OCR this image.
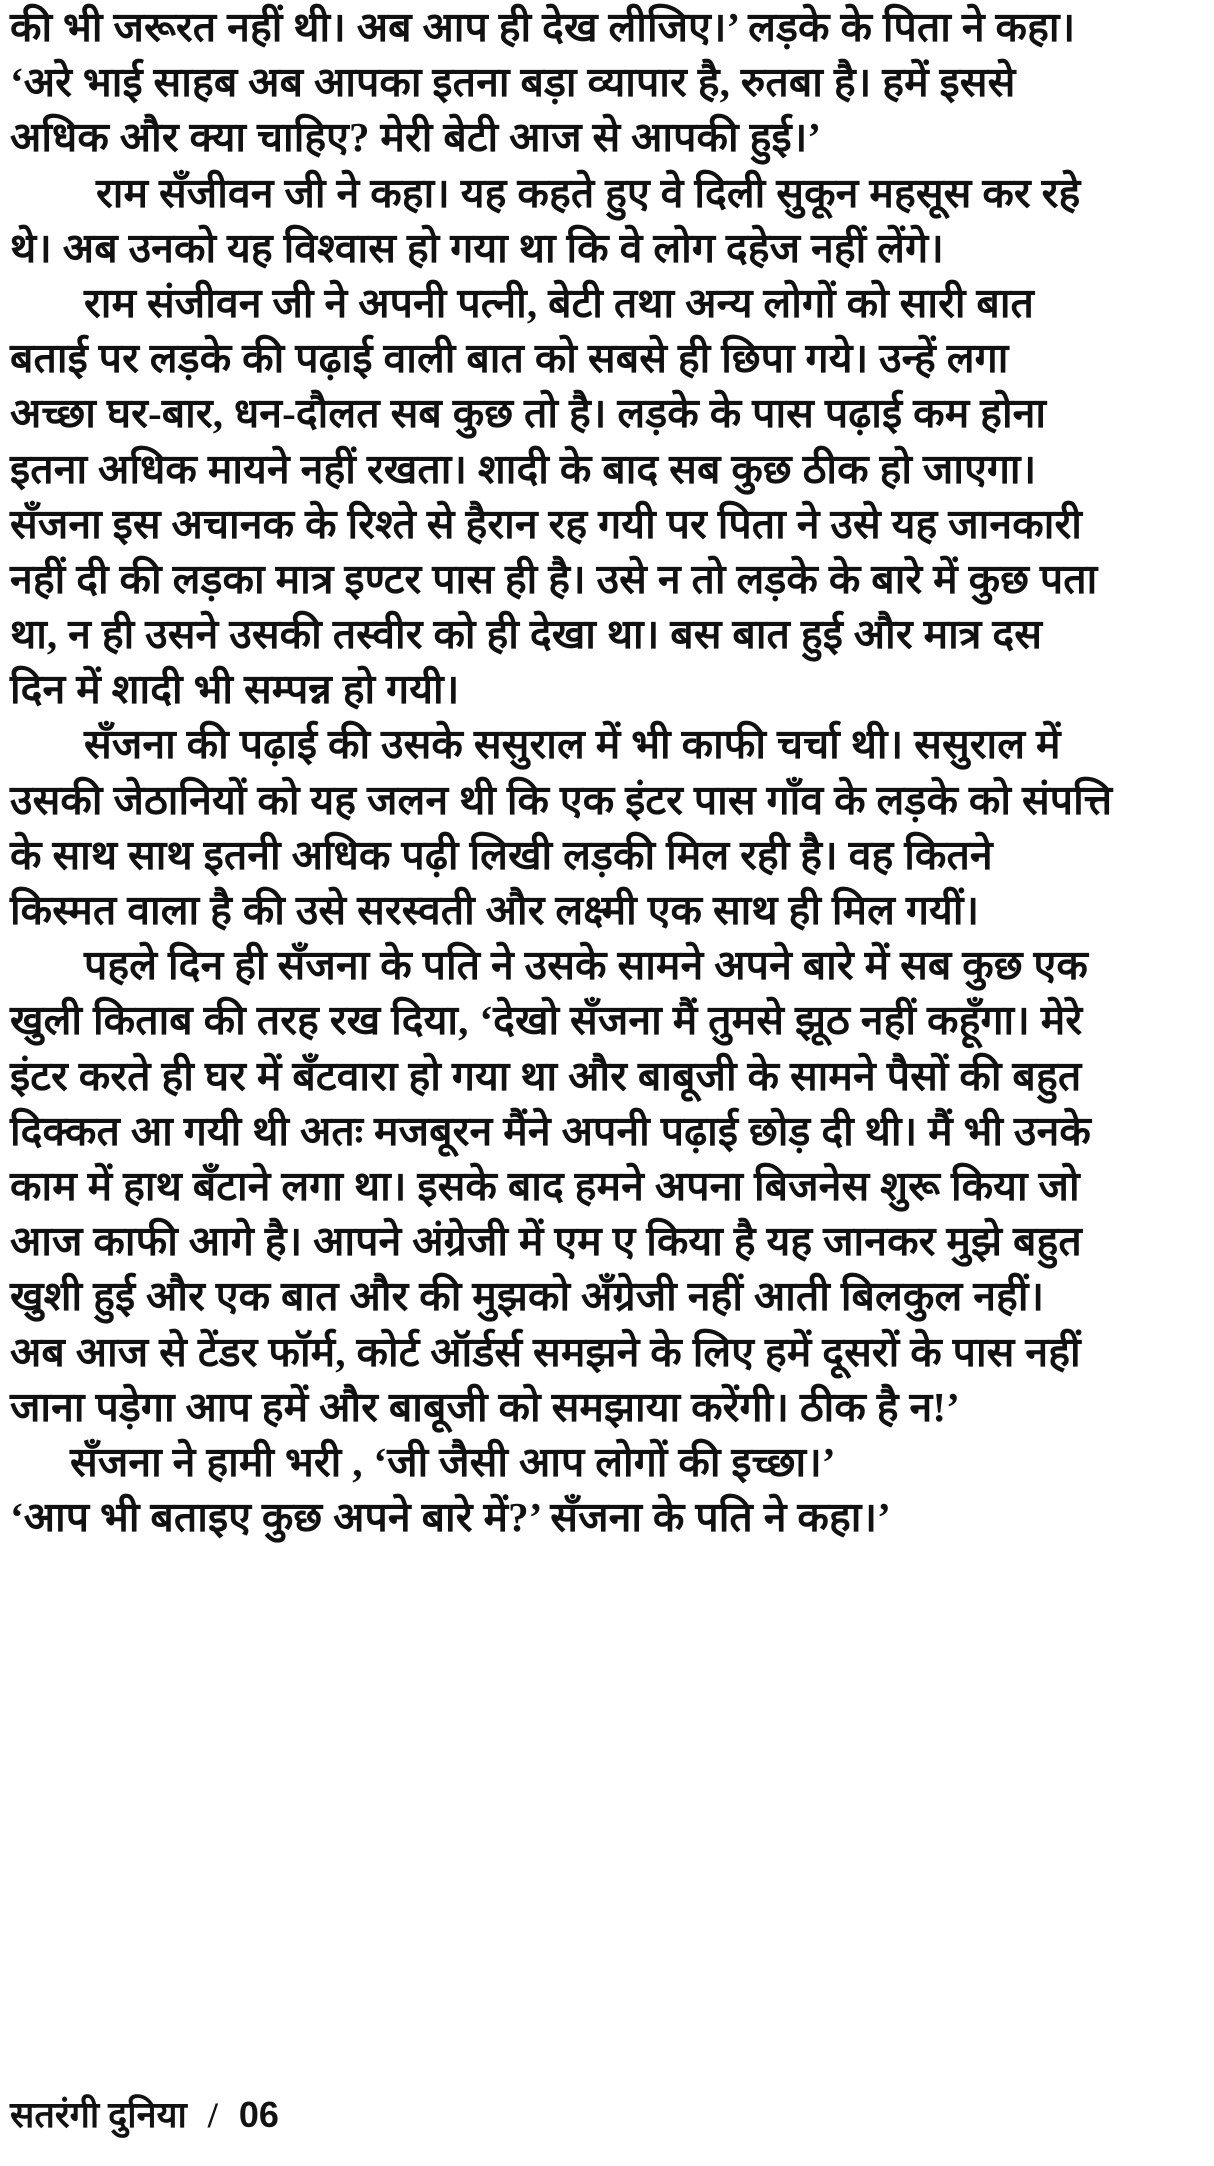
की भी जरूरत नहीं थी। अब आप ही देख लीजिए।’ लड़के के पिता ने कहा।
‘अरे भाई साहब अब आपका इतना बड़ा व्यापार है, रुतबा है। हमें इससे
अधिक और क्या चाहिए? मेरी बेटी आज से आपकी हुई।’
राम सँजीवन जी ने कहा। यह कहते हुए वे दिली सुकून महसूस कर रहे
थे। अब उनको यह विश्वास हो गया था कि वे लोग दहेज नहीं लेंगे।
राम संजीवन जी ने अपनी पत्नी, बेटी तथा अन्य लोगों को सारी बात
बताई पर लड़के की पढ़ाई वाली बात को सबसे ही छिपा गये। उन्हें लगा
अच्छा घर-बार, धन-दौलत सब कुछ तो है। लड़के के पास पढ़ाई कम होना
इतना अधिक मायने नहीं रखता। शादी के बाद सब कुछ ठीक हो जाएगा।
सँजना इस अचानक के रिश्ते से हैरान रह गयी पर पिता ने उसे यह जानकारी
नहीं दी की लड़का मात्र इण्टर पास ही है। उसे न तो लड़के के बारे में कुछ पता
था, न ही उसने उसकी तस्वीर को ही देखा था। बस बात हुई और मात्र दस
दिन में शादी भी सम्पन्न हो गयी।
सँजना की पढ़ाई की उसके ससुराल में भी काफी चर्चा थी। ससुराल में
उसकी जेठानियों को यह जलन थी कि एक इंटर पास गाँव के लड़के को संपत्ति
के साथ साथ इतनी अधिक पढ़ी लिखी लड़की मिल रही है। वह कितने
किस्मत वाला है की उसे सरस्वती और लक्ष्मी एक साथ ही मिल गयीं।
पहले दिन ही सँजना के पति ने उसके सामने अपने बारे में सब कुछ एक
खुली किताब की तरह रख दिया, ‘देखो सँजना मैं तुमसे झूठ नहीं कहूँगा। मेरे
इंटर करते ही घर में बँटवारा हो गया था और बाबूजी के सामने पैसों की बहुत
दिक्कत आ गयी थी अतः मजबूरन मैंने अपनी पढ़ाई छोड़ दी थी। मैं भी उनके
काम में हाथ बँटाने लगा था। इसके बाद हमने अपना बिजनेस शुरू किया जो
आज काफी आगे है। आपने अंग्रेजी में एम ए किया है यह जानकर मुझे बहुत
खुशी हुई और एक बात और की मुझको अँग्रेजी नहीं आती बिलकुल नहीं।
अब आज से टेंडर फॉर्म, कोर्ट ऑर्डर्स समझने के लिए हमें दूसरों के पास नहीं
जाना पड़ेगा आप हमें और बाबूजी को समझाया करेंगी। ठीक है न!’
सँजना ने हामी भरी , ‘जी जैसी आप लोगों की इच्छा।’
‘आप भी बताइए कुछ अपने बारे में?’ सँजना के पति ने कहा।’
सतरंगी दुनिया / 06
